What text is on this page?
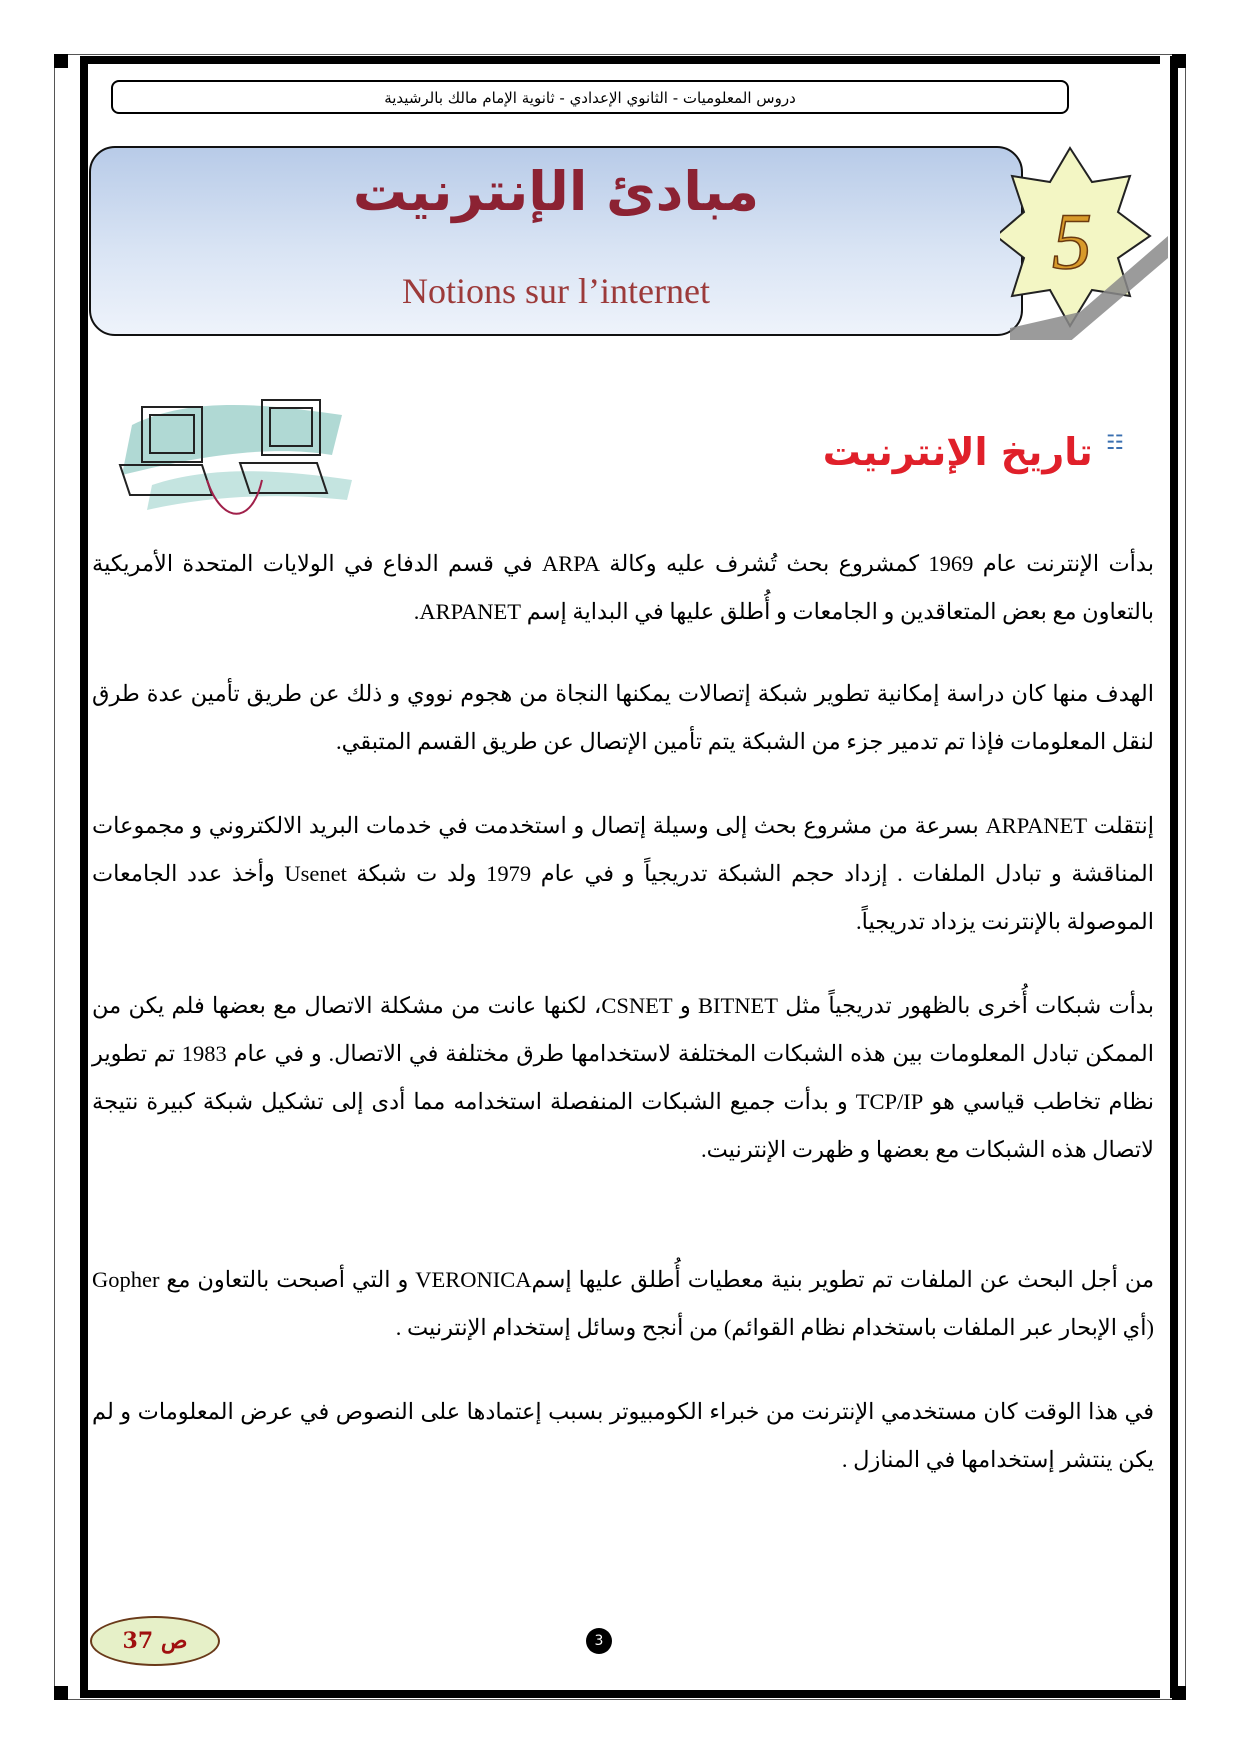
دروس المعلوميات - الثانوي الإعدادي - ثانوية الإمام مالك بالرشيدية
مبادئ الإنترنيت
Notions sur l’internet
5
☷ تاريخ الإنترنيت
بدأت الإنترنت عام 1969 كمشروع بحث تُشرف عليه وكالة ARPA في قسم الدفاع في الولايات المتحدة الأمريكية بالتعاون مع بعض المتعاقدين و الجامعات و أُطلق عليها في البداية إسم ARPANET.
الهدف منها كان دراسة إمكانية تطوير شبكة إتصالات يمكنها النجاة من هجوم نووي و ذلك عن طريق تأمين عدة طرق لنقل المعلومات فإذا تم تدمير جزء من الشبكة يتم تأمين الإتصال عن طريق القسم المتبقي.
إنتقلت ARPANET بسرعة من مشروع بحث إلى وسيلة إتصال و استخدمت في خدمات البريد الالكتروني و مجموعات المناقشة و تبادل الملفات . إزداد حجم الشبكة تدريجياً و في عام 1979 ولد ت شبكة Usenet وأخذ عدد الجامعات الموصولة بالإنترنت يزداد تدريجياً.
بدأت شبكات أُخرى بالظهور تدريجياً مثل BITNET و CSNET، لكنها عانت من مشكلة الاتصال مع بعضها فلم يكن من الممكن تبادل المعلومات بين هذه الشبكات المختلفة لاستخدامها طرق مختلفة في الاتصال. و في عام 1983 تم تطوير نظام تخاطب قياسي هو TCP/IP و بدأت جميع الشبكات المنفصلة استخدامه مما أدى إلى تشكيل شبكة كبيرة نتيجة لاتصال هذه الشبكات مع بعضها و ظهرت الإنترنيت.
من أجل البحث عن الملفات تم تطوير بنية معطيات أُطلق عليها إسمVERONICA و التي أصبحت بالتعاون مع Gopher (أي الإبحار عبر الملفات باستخدام نظام القوائم) من أنجح وسائل إستخدام الإنترنيت .
في هذا الوقت كان مستخدمي الإنترنت من خبراء الكومبيوتر بسبب إعتمادها على النصوص في عرض المعلومات و لم يكن ينتشر إستخدامها في المنازل .
ص 37	3
